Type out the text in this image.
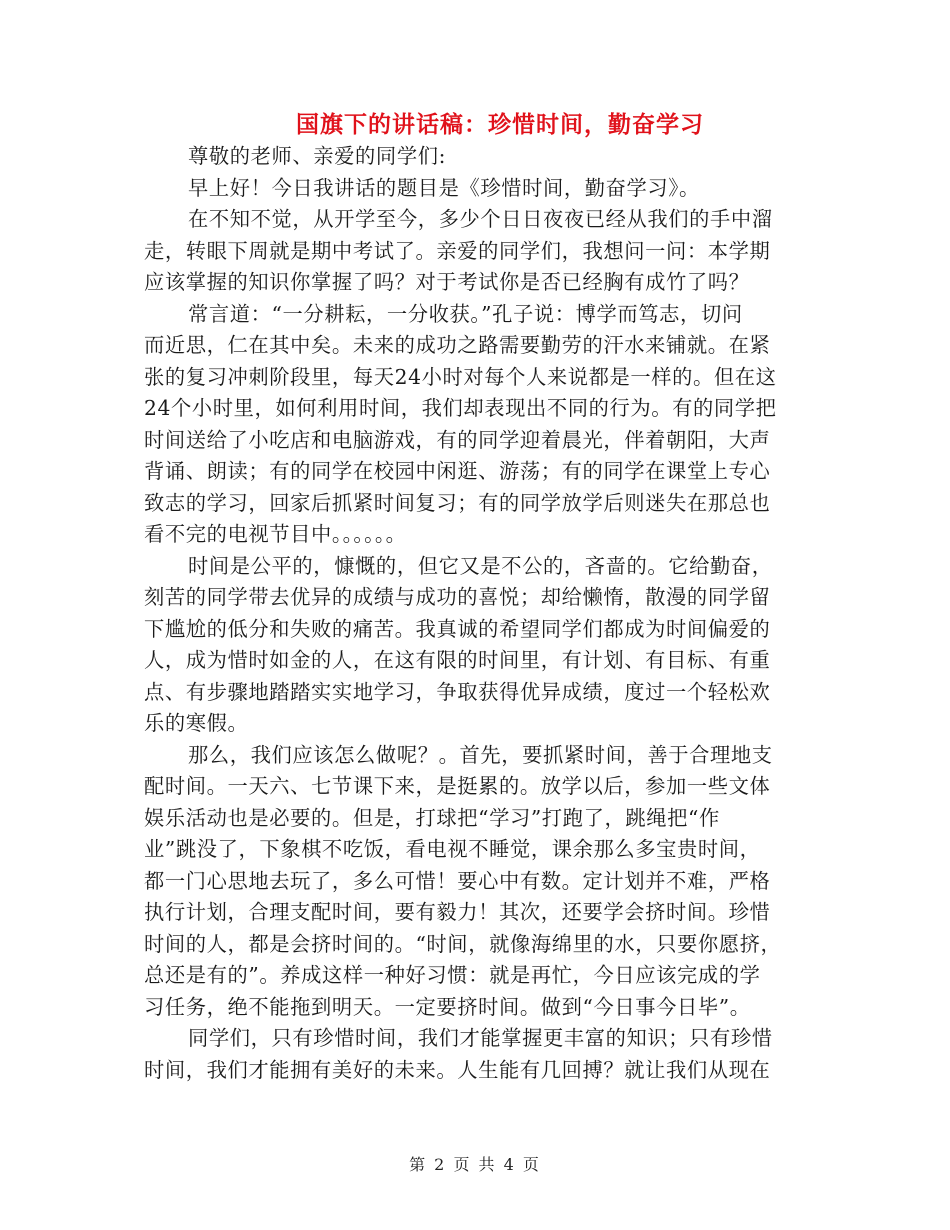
国旗下的讲话稿：珍惜时间，勤奋学习
尊敬的老师、亲爱的同学们:
早上好！今日我讲话的题目是《珍惜时间，勤奋学习》。
在不知不觉，从开学至今，多少个日日夜夜已经从我们的手中溜
走，转眼下周就是期中考试了。亲爱的同学们，我想问一问：本学期
应该掌握的知识你掌握了吗？对于考试你是否已经胸有成竹了吗？
常言道：“一分耕耘，一分收获。”孔子说：博学而笃志，切问
而近思，仁在其中矣。未来的成功之路需要勤劳的汗水来铺就。在紧
张的复习冲刺阶段里，每天24小时对每个人来说都是一样的。但在这
24个小时里，如何利用时间，我们却表现出不同的行为。有的同学把
时间送给了小吃店和电脑游戏，有的同学迎着晨光，伴着朝阳，大声
背诵、朗读；有的同学在校园中闲逛、游荡；有的同学在课堂上专心
致志的学习，回家后抓紧时间复习；有的同学放学后则迷失在那总也
看不完的电视节目中。。。。。。
时间是公平的，慷慨的，但它又是不公的，吝啬的。它给勤奋，
刻苦的同学带去优异的成绩与成功的喜悦；却给懒惰，散漫的同学留
下尴尬的低分和失败的痛苦。我真诚的希望同学们都成为时间偏爱的
人，成为惜时如金的人，在这有限的时间里，有计划、有目标、有重
点、有步骤地踏踏实实地学习，争取获得优异成绩，度过一个轻松欢
乐的寒假。
那么，我们应该怎么做呢？。首先，要抓紧时间，善于合理地支
配时间。一天六、七节课下来，是挺累的。放学以后，参加一些文体
娱乐活动也是必要的。但是，打球把“学习”打跑了，跳绳把“作
业”跳没了，下象棋不吃饭，看电视不睡觉，课余那么多宝贵时间，
都一门心思地去玩了，多么可惜！要心中有数。定计划并不难，严格
执行计划，合理支配时间，要有毅力！其次，还要学会挤时间。珍惜
时间的人，都是会挤时间的。“时间，就像海绵里的水，只要你愿挤，
总还是有的”。养成这样一种好习惯：就是再忙，今日应该完成的学
习任务，绝不能拖到明天。一定要挤时间。做到“今日事今日毕”。
同学们，只有珍惜时间，我们才能掌握更丰富的知识；只有珍惜
时间，我们才能拥有美好的未来。人生能有几回搏？就让我们从现在
第 2 页 共 4 页
